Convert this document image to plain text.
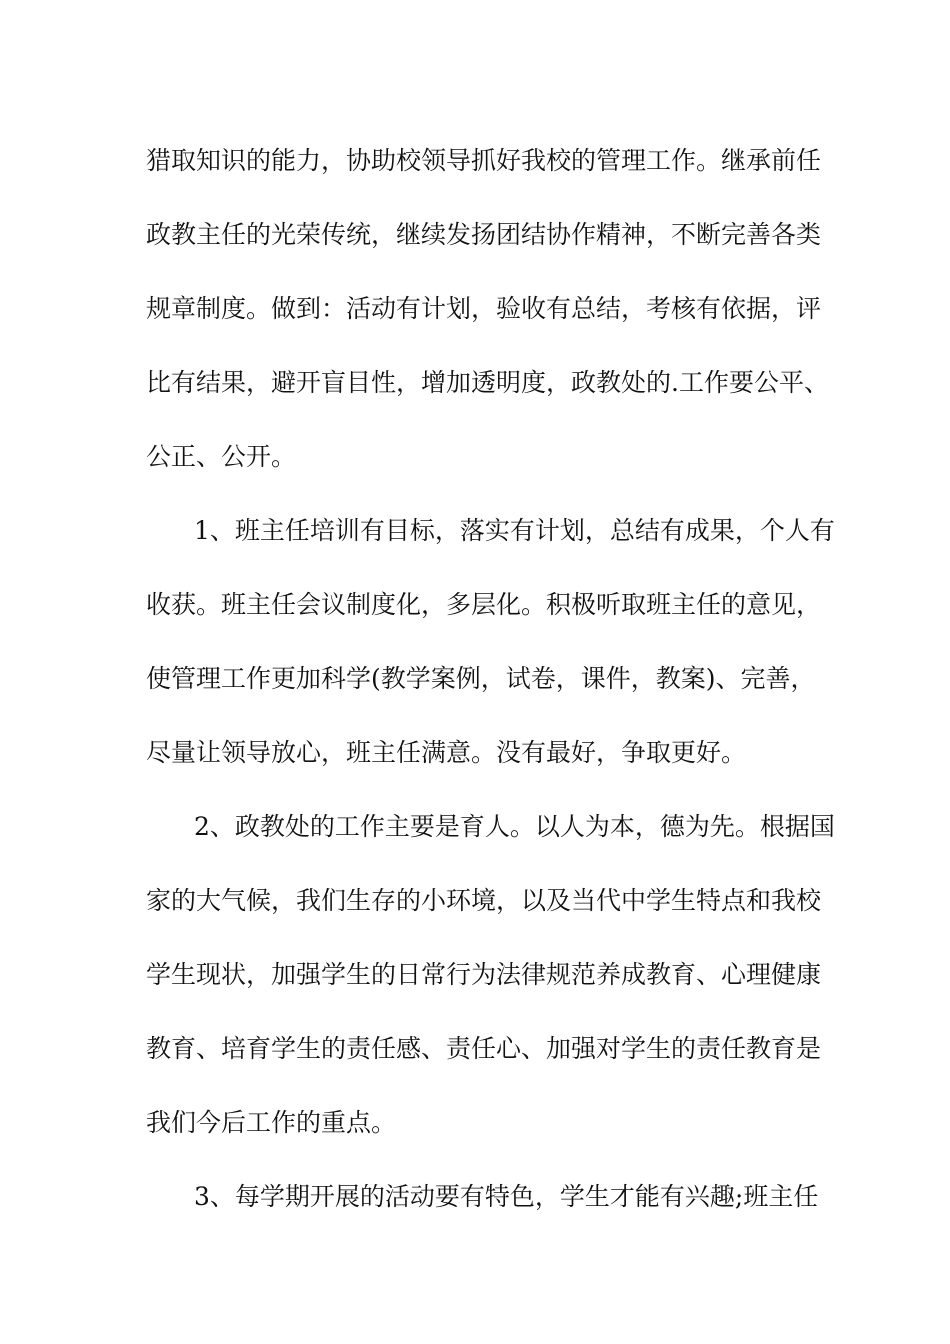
猎取知识的能力，协助校领导抓好我校的管理工作。继承前任
政教主任的光荣传统，继续发扬团结协作精神，不断完善各类
规章制度。做到：活动有计划，验收有总结，考核有依据，评
比有结果，避开盲目性，增加透明度，政教处的.工作要公平、
公正、公开。
1、班主任培训有目标，落实有计划，总结有成果，个人有
收获。班主任会议制度化，多层化。积极听取班主任的意见，
使管理工作更加科学(教学案例，试卷，课件，教案)、完善，
尽量让领导放心，班主任满意。没有最好，争取更好。
2、政教处的工作主要是育人。以人为本，德为先。根据国
家的大气候，我们生存的小环境，以及当代中学生特点和我校
学生现状，加强学生的日常行为法律规范养成教育、心理健康
教育、培育学生的责任感、责任心、加强对学生的责任教育是
我们今后工作的重点。
3、每学期开展的活动要有特色，学生才能有兴趣;班主任
